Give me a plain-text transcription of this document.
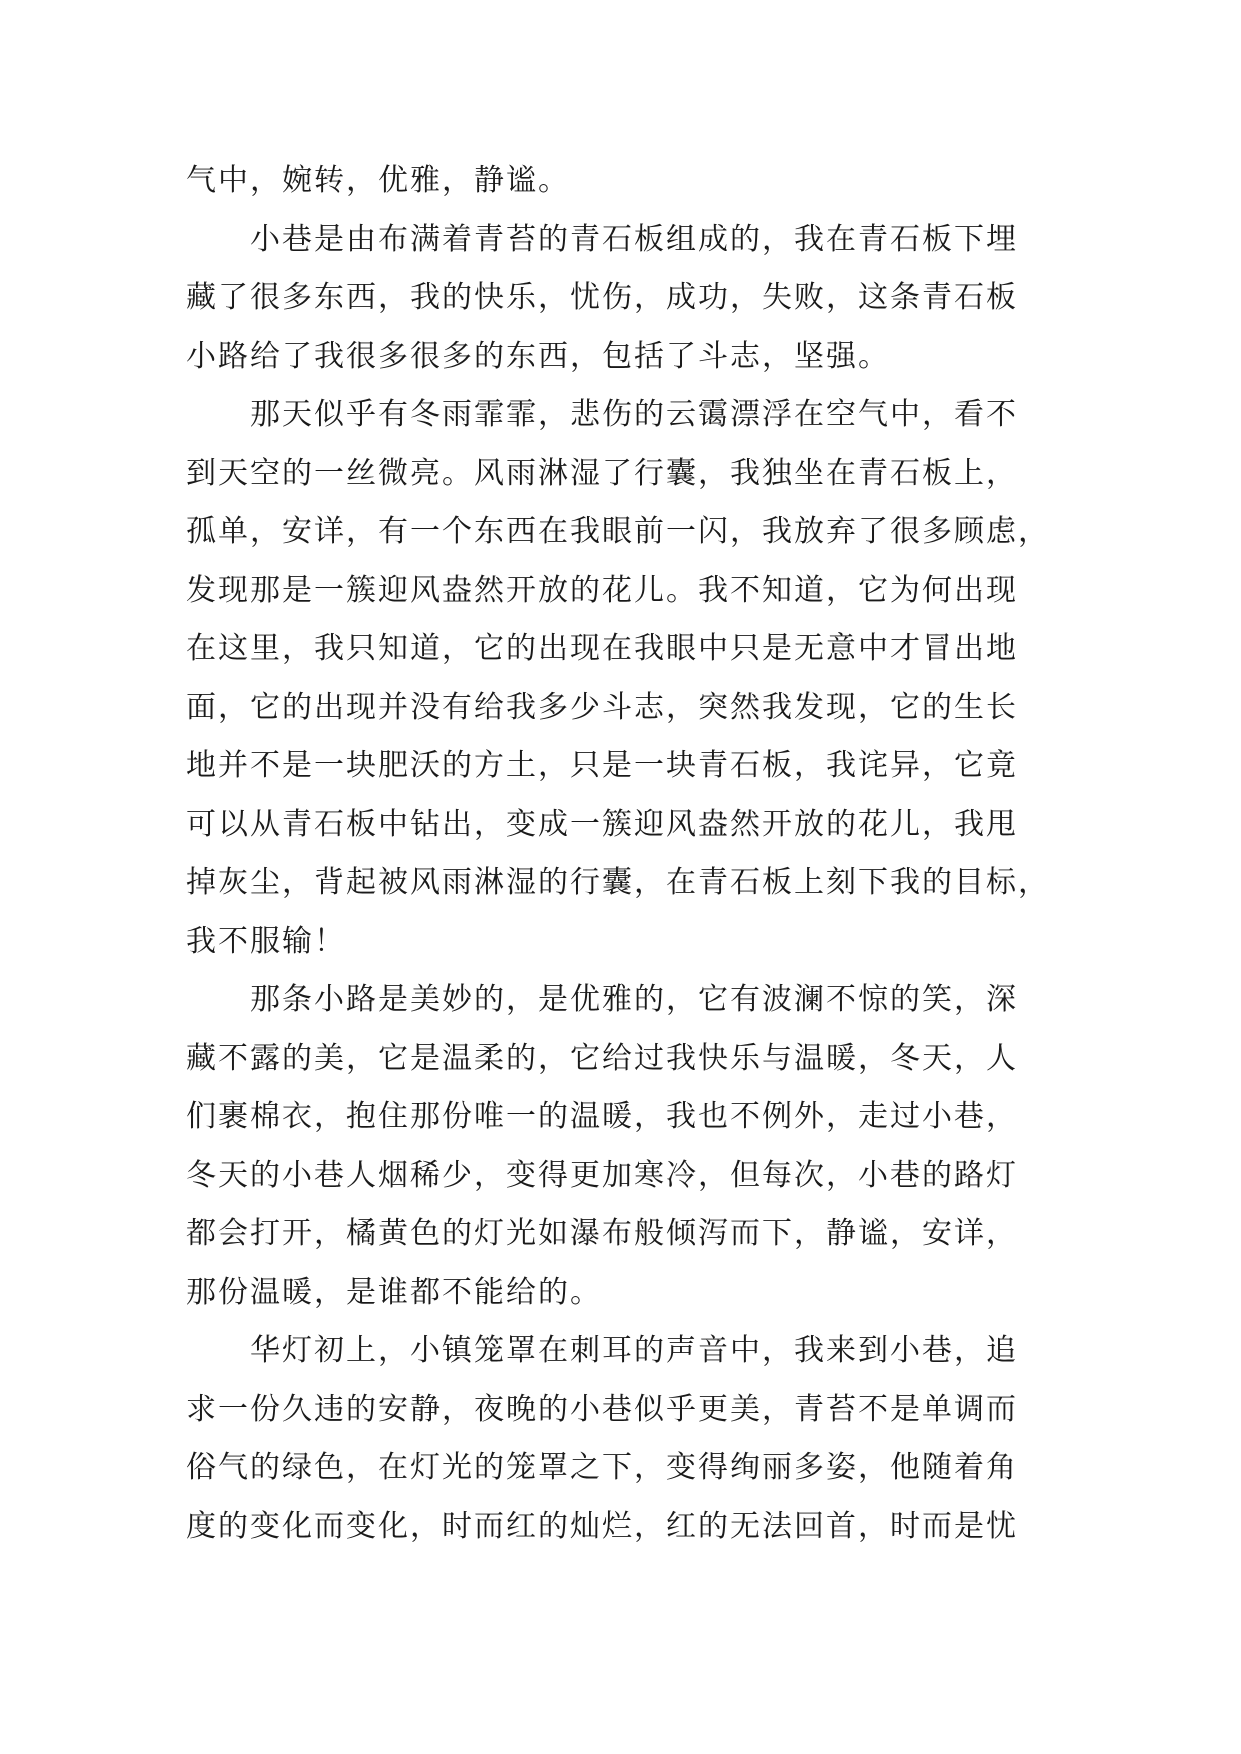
气中，婉转，优雅，静谧。
小巷是由布满着青苔的青石板组成的，我在青石板下埋
藏了很多东西，我的快乐，忧伤，成功，失败，这条青石板
小路给了我很多很多的东西，包括了斗志，坚强。
那天似乎有冬雨霏霏，悲伤的云霭漂浮在空气中，看不
到天空的一丝微亮。风雨淋湿了行囊，我独坐在青石板上，
孤单，安详，有一个东西在我眼前一闪，我放弃了很多顾虑，
发现那是一簇迎风盎然开放的花儿。我不知道，它为何出现
在这里，我只知道，它的出现在我眼中只是无意中才冒出地
面，它的出现并没有给我多少斗志，突然我发现，它的生长
地并不是一块肥沃的方土，只是一块青石板，我诧异，它竟
可以从青石板中钻出，变成一簇迎风盎然开放的花儿，我甩
掉灰尘，背起被风雨淋湿的行囊，在青石板上刻下我的目标，
我不服输！
那条小路是美妙的，是优雅的，它有波澜不惊的笑，深
藏不露的美，它是温柔的，它给过我快乐与温暖，冬天，人
们裹棉衣，抱住那份唯一的温暖，我也不例外，走过小巷，
冬天的小巷人烟稀少，变得更加寒冷，但每次，小巷的路灯
都会打开，橘黄色的灯光如瀑布般倾泻而下，静谧，安详，
那份温暖，是谁都不能给的。
华灯初上，小镇笼罩在刺耳的声音中，我来到小巷，追
求一份久违的安静，夜晚的小巷似乎更美，青苔不是单调而
俗气的绿色，在灯光的笼罩之下，变得绚丽多姿，他随着角
度的变化而变化，时而红的灿烂，红的无法回首，时而是忧
